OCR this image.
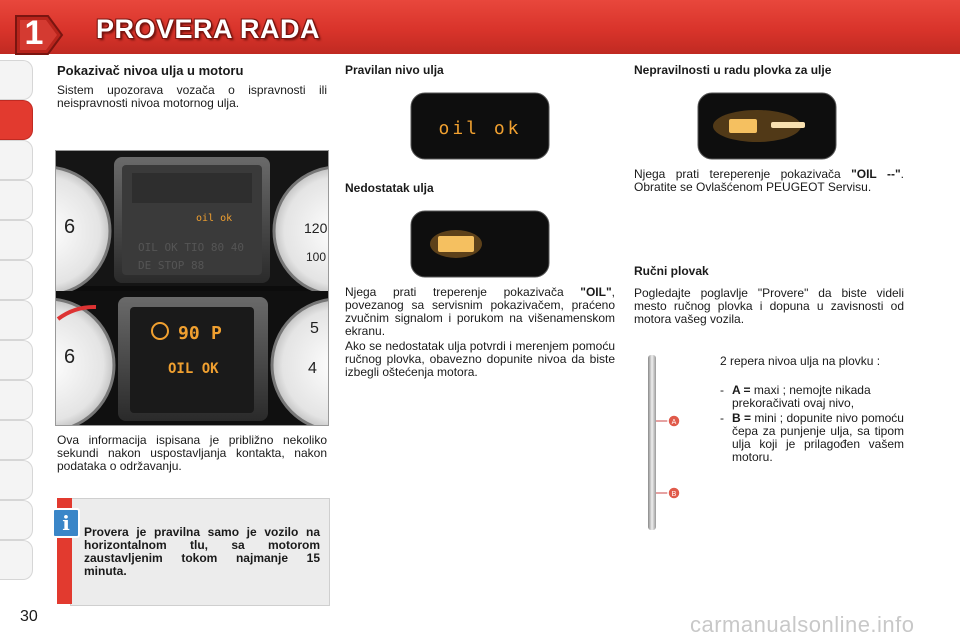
1	PROVERA RADA
Pokazivač nivoa ulja u motoru
Sistem upozorava vozača o ispravnosti ili neispravnosti nivoa motornog ulja.
6	120
100
oil ok
OIL OK TIO 80 40
DE STOP 88
6
5
4
90 P
OIL OK
Ova informacija ispisana je približno nekoliko sekundi nakon uspostavljanja kontakta, nakon podataka o održavanju.
i	Provera je pravilna samo je vozilo na horizontalnom tlu, sa motorom zaustavljenim tokom najmanje 15 minuta.
Pravilan nivo ulja
oil ok
Nedostatak ulja
Njega prati treperenje pokazivača "OIL", povezanog sa servisnim pokazivačem, praćeno zvučnim signalom i porukom na višenamenskom ekranu.
Ako se nedostatak ulja potvrdi i merenjem pomoću ručnog plovka, obavezno dopunite nivoa da biste izbegli oštećenja motora.
Nepravilnosti u radu plovka za ulje
Njega prati tereperenje pokazivača "OIL --". Obratite se Ovlašćenom PEUGEOT Servisu.
Ručni plovak
Pogledajte poglavlje "Provere" da biste videli mesto ručnog plovka i dopuna u zavisnosti od motora vašeg vozila.
A
B
2 repera nivoa ulja na plovku :
- A = maxi ; nemojte nikada prekoračivati ovaj nivo,
- B = mini ; dopunite nivo pomoću čepa za punjenje ulja, sa tipom ulja koji je prilagođen vašem motoru.
30	carmanualsonline.info
